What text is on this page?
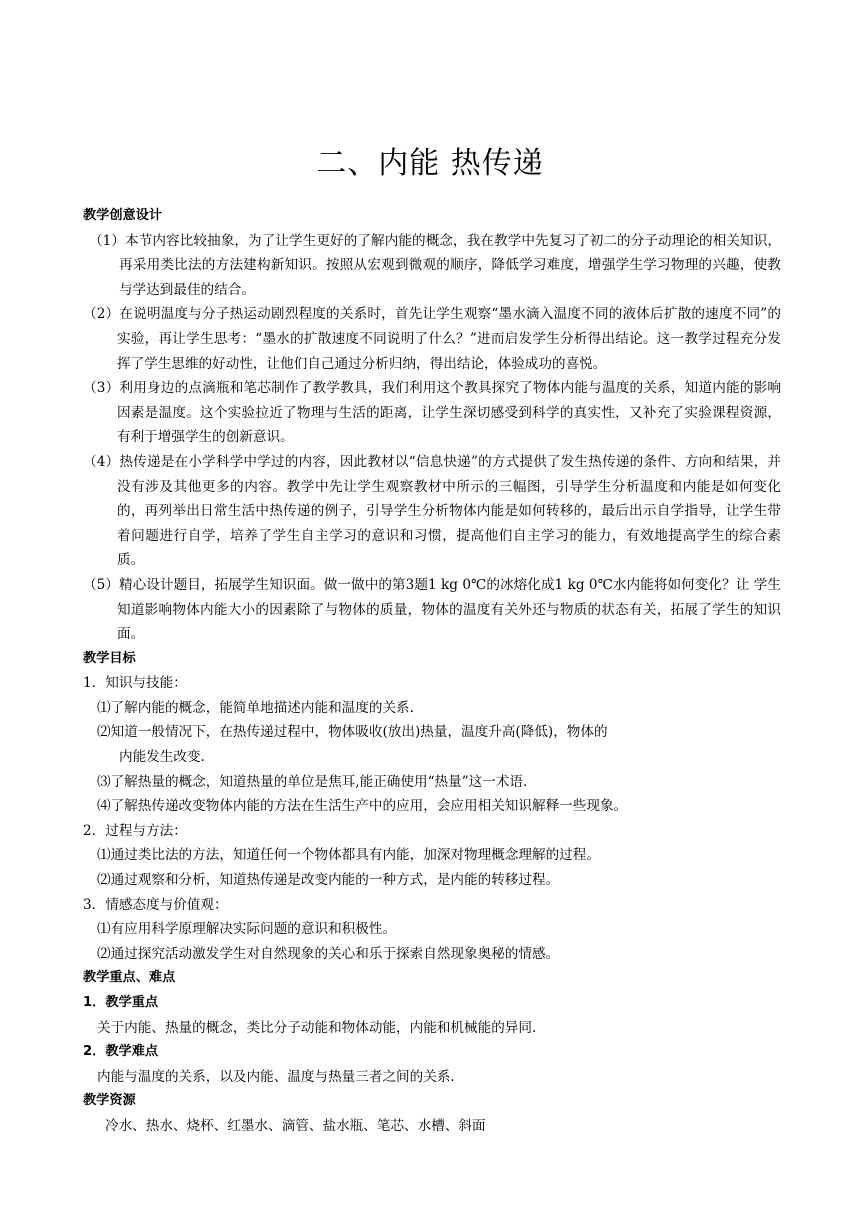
二、内能 热传递
教学创意设计
（1）本节内容比较抽象，为了让学生更好的了解内能的概念，我在教学中先复习了初二的分子动理论的相关知识，再采用类比法的方法建构新知识。按照从宏观到微观的顺序，降低学习难度，增强学生学习物理的兴趣，使教与学达到最佳的结合。
（2）在说明温度与分子热运动剧烈程度的关系时，首先让学生观察“墨水滴入温度不同的液体后扩散的速度不同”的实验，再让学生思考：“墨水的扩散速度不同说明了什么？”进而启发学生分析得出结论。这一教学过程充分发挥了学生思维的好动性，让他们自己通过分析归纳，得出结论，体验成功的喜悦。
（3）利用身边的点滴瓶和笔芯制作了教学教具，我们利用这个教具探究了物体内能与温度的关系，知道内能的影响因素是温度。这个实验拉近了物理与生活的距离，让学生深切感受到科学的真实性，又补充了实验课程资源，有利于增强学生的创新意识。
（4）热传递是在小学科学中学过的内容，因此教材以“信息快递”的方式提供了发生热传递的条件、方向和结果，并没有涉及其他更多的内容。教学中先让学生观察教材中所示的三幅图，引导学生分析温度和内能是如何变化的，再列举出日常生活中热传递的例子，引导学生分析物体内能是如何转移的，最后出示自学指导，让学生带着问题进行自学，培养了学生自主学习的意识和习惯，提高他们自主学习的能力，有效地提高学生的综合素质。
（5）精心设计题目，拓展学生知识面。做一做中的第3题1 kg 0℃的冰熔化成1 kg 0℃水内能将如何变化？让 学生知道影响物体内能大小的因素除了与物体的质量，物体的温度有关外还与物质的状态有关，拓展了学生的知识面。
教学目标
1．知识与技能：
⑴了解内能的概念，能简单地描述内能和温度的关系.
⑵知道一般情况下，在热传递过程中，物体吸收(放出)热量，温度升高(降低)，物体的
内能发生改变.
⑶了解热量的概念，知道热量的单位是焦耳,能正确使用“热量”这一术语.
⑷了解热传递改变物体内能的方法在生活生产中的应用，会应用相关知识解释一些现象。
2．过程与方法：
⑴通过类比法的方法，知道任何一个物体都具有内能，加深对物理概念理解的过程。
⑵通过观察和分析，知道热传递是改变内能的一种方式，是内能的转移过程。
3．情感态度与价值观：
⑴有应用科学原理解决实际问题的意识和积极性。
⑵通过探究活动激发学生对自然现象的关心和乐于探索自然现象奥秘的情感。
教学重点、难点
1．教学重点
关于内能、热量的概念，类比分子动能和物体动能，内能和机械能的异同.
2．教学难点
内能与温度的关系，以及内能、温度与热量三者之间的关系.
教学资源
冷水、热水、烧杯、红墨水、滴管、盐水瓶、笔芯、水槽、斜面
